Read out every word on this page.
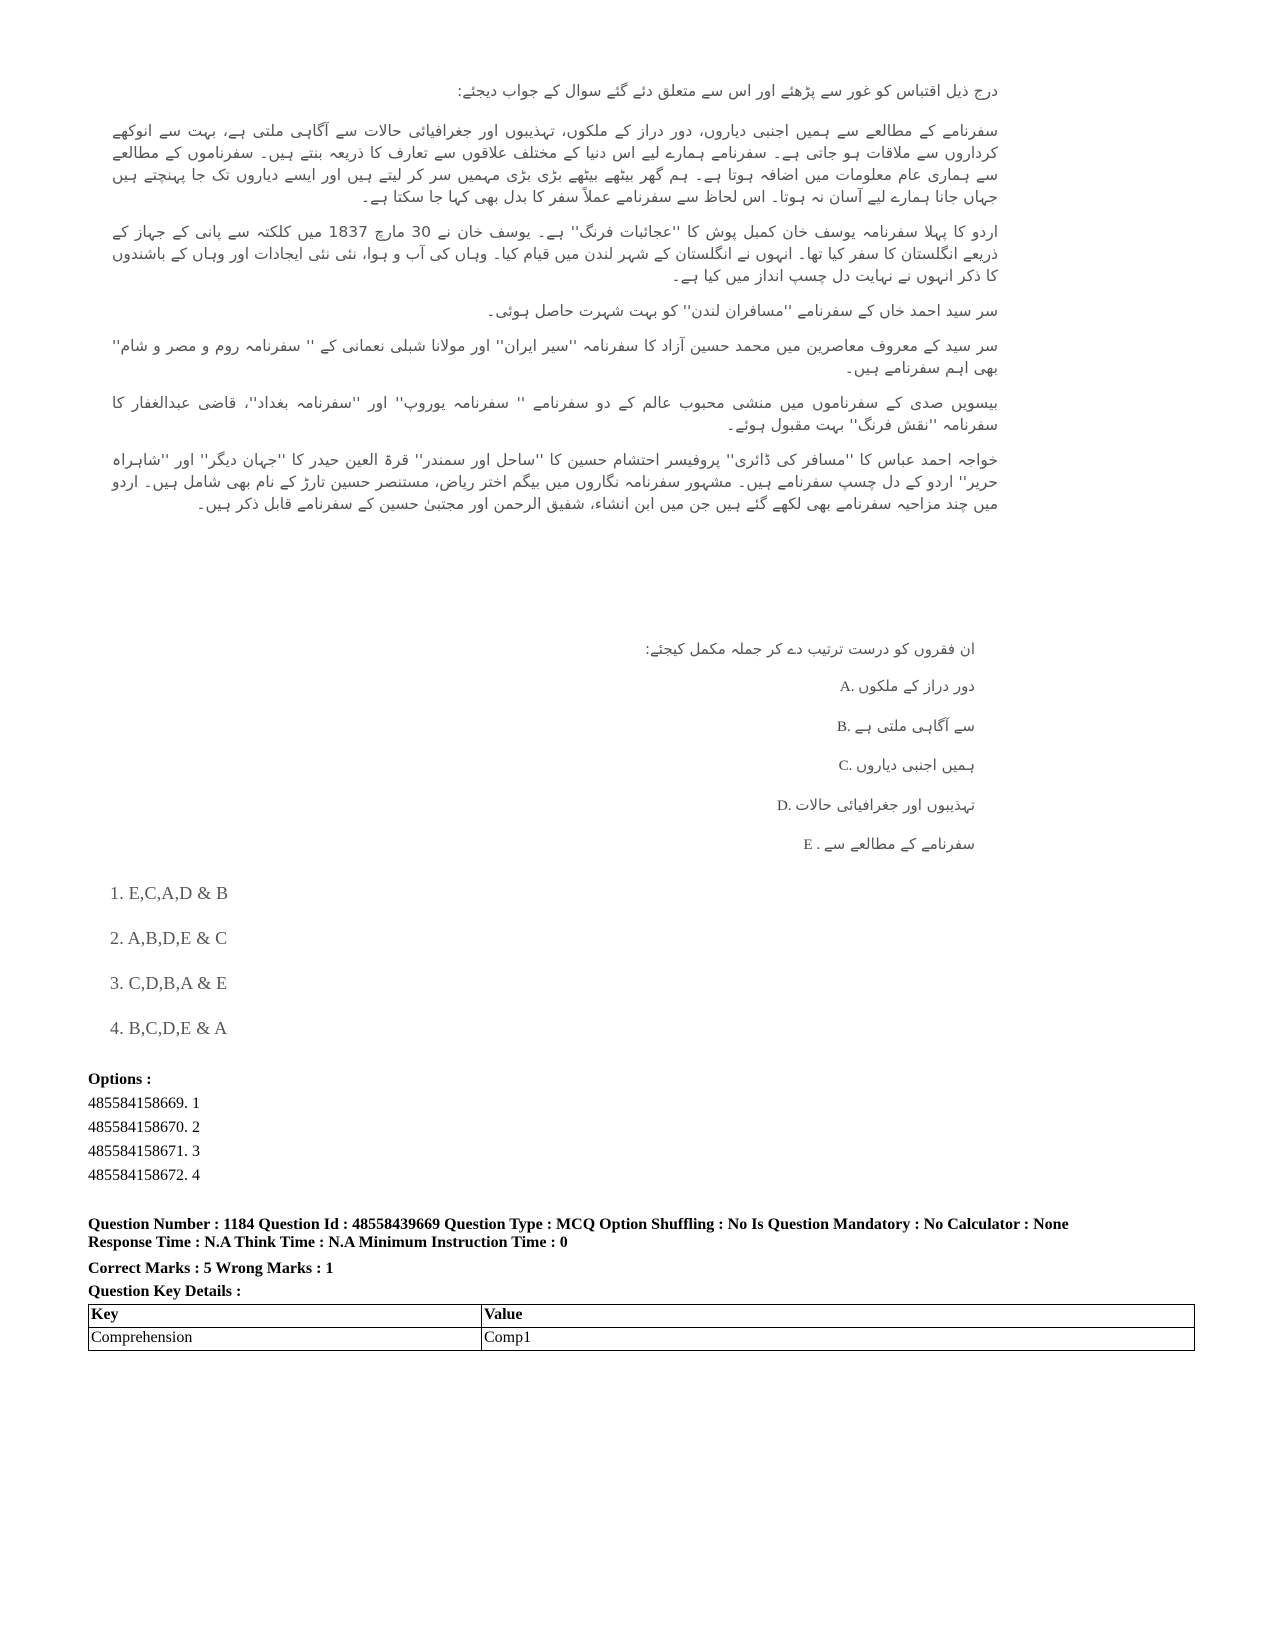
درج ذیل اقتباس کو غور سے پڑھئے اور اس سے متعلق دئے گئے سوال کے جواب دیجئے:

سفرنامے کے مطالعے سے ہمیں اجنبی دیاروں، دور دراز کے ملکوں، تہذیبوں اور جغرافیائی حالات سے آگاہی ملتی ہے، بہت سے انوکھے کرداروں سے ملاقات ہو جاتی ہے۔ سفرنامے ہمارے لیے اس دنیا کے مختلف علاقوں سے تعارف کا ذریعہ بنتے ہیں۔ سفرناموں کے مطالعے سے ہماری عام معلومات میں اضافہ ہوتا ہے۔ ہم گھر بیٹھے بیٹھے بڑی بڑی مہمیں سر کر لیتے ہیں اور ایسے دیاروں تک جا پہنچتے ہیں جہاں جانا ہمارے لیے آسان نہ ہوتا۔ اس لحاظ سے سفرنامے عملاً سفر کا بدل بھی کہا جا سکتا ہے۔

اردو کا پہلا سفرنامہ یوسف خان کمبل پوش کا ''عجائبات فرنگ'' ہے۔ یوسف خان نے 30 مارچ 1837 میں کلکتہ سے پانی کے جہاز کے ذریعے انگلستان کا سفر کیا تھا۔ انہوں نے انگلستان کے شہر لندن میں قیام کیا۔ وہاں کی آب و ہوا، نئی نئی ایجادات اور وہاں کے باشندوں کا ذکر انہوں نے نہایت دل چسپ انداز میں کیا ہے۔

سر سید احمد خاں کے سفرنامے ''مسافران لندن'' کو بہت شہرت حاصل ہوئی۔

سر سید کے معروف معاصرین میں محمد حسین آزاد کا سفرنامہ ''سیر ایران'' اور مولانا شبلی نعمانی کے '' سفرنامہ روم و مصر و شام'' بھی اہم سفرنامے ہیں۔

بیسویں صدی کے سفرناموں میں منشی محبوب عالم کے دو سفرنامے '' سفرنامہ یوروپ'' اور ''سفرنامہ بغداد''، قاضی عبدالغفار کا سفرنامہ ''نقش فرنگ'' بہت مقبول ہوئے۔

خواجہ احمد عباس کا ''مسافر کی ڈائری'' پروفیسر احتشام حسین کا ''ساحل اور سمندر'' قرۃ العین حیدر کا ''جہان دیگر'' اور ''شاہراہ حریر'' اردو کے دل چسپ سفرنامے ہیں۔ مشہور سفرنامہ نگاروں میں بیگم اختر ریاض، مستنصر حسین تارڑ کے نام بھی شامل ہیں۔ اردو میں چند مزاحیہ سفرنامے بھی لکھے گئے ہیں جن میں ابن انشاء، شفیق الرحمن اور مجتبیٰ حسین کے سفرنامے قابل ذکر ہیں۔

ان فقروں کو درست ترتیب دے کر جملہ مکمل کیجئے:
A. دور دراز کے ملکوں
B. سے آگاہی ملتی ہے
C. ہمیں اجنبی دیاروں
D. تہذیبوں اور جغرافیائی حالات
E . سفرنامے کے مطالعے سے
1. E,C,A,D & B
2. A,B,D,E & C
3. C,D,B,A & E
4. B,C,D,E & A
Options :
485584158669. 1
485584158670. 2
485584158671. 3
485584158672. 4
Question Number : 1184 Question Id : 48558439669 Question Type : MCQ Option Shuffling : No Is Question Mandatory : No Calculator : None
Response Time : N.A Think Time : N.A Minimum Instruction Time : 0
Correct Marks : 5 Wrong Marks : 1
Question Key Details :
Key	Value
Comprehension	Comp1
